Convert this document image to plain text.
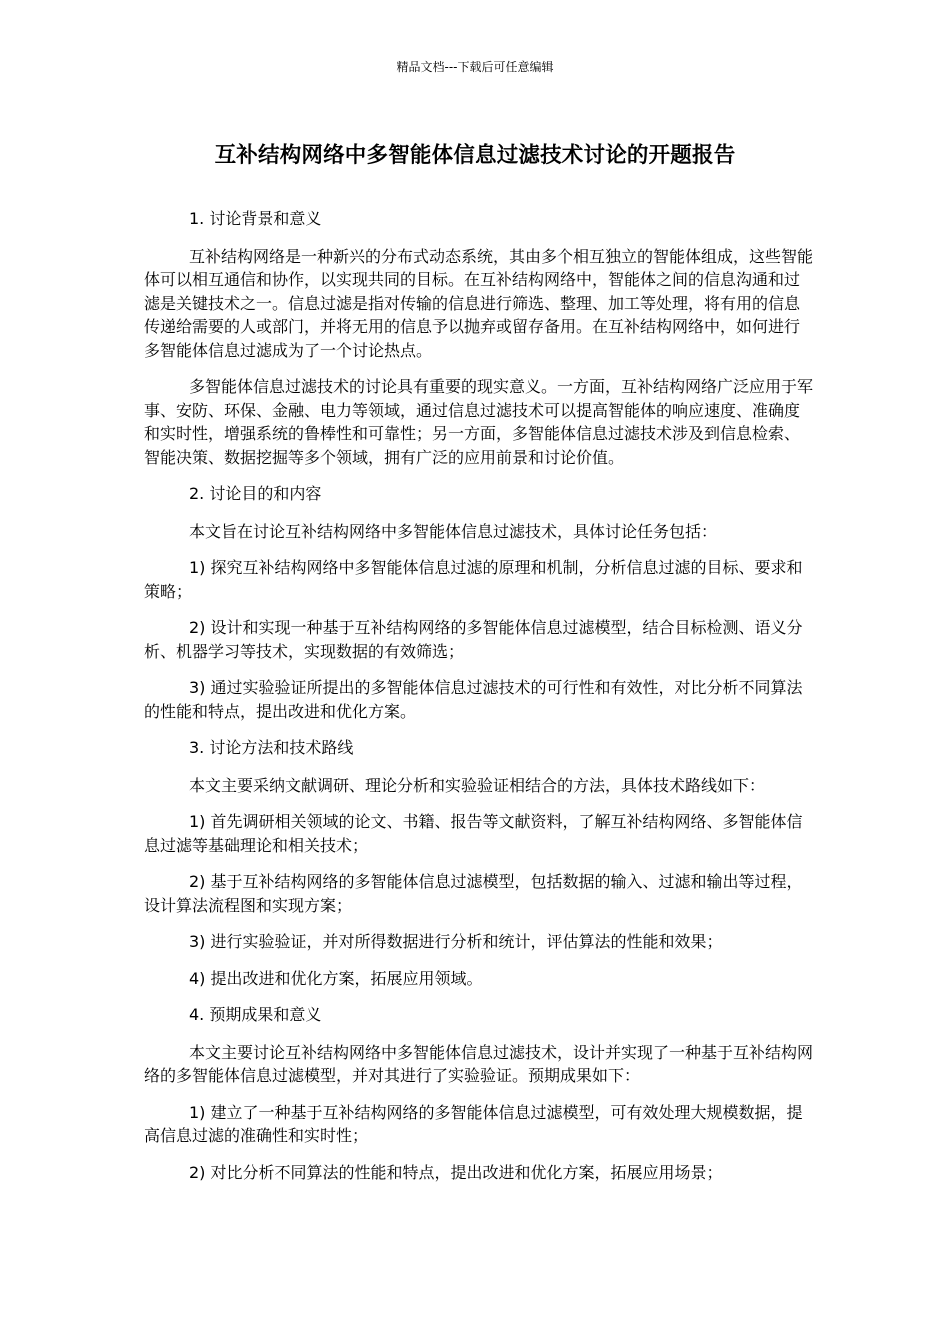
精品文档---下载后可任意编辑
互补结构网络中多智能体信息过滤技术讨论的开题报告

1. 讨论背景和意义

互补结构网络是一种新兴的分布式动态系统，其由多个相互独立的智能体组成，这些智能体可以相互通信和协作，以实现共同的目标。在互补结构网络中，智能体之间的信息沟通和过滤是关键技术之一。信息过滤是指对传输的信息进行筛选、整理、加工等处理，将有用的信息传递给需要的人或部门，并将无用的信息予以抛弃或留存备用。在互补结构网络中，如何进行多智能体信息过滤成为了一个讨论热点。

多智能体信息过滤技术的讨论具有重要的现实意义。一方面，互补结构网络广泛应用于军事、安防、环保、金融、电力等领域，通过信息过滤技术可以提高智能体的响应速度、准确度和实时性，增强系统的鲁棒性和可靠性；另一方面，多智能体信息过滤技术涉及到信息检索、智能决策、数据挖掘等多个领域，拥有广泛的应用前景和讨论价值。

2. 讨论目的和内容

本文旨在讨论互补结构网络中多智能体信息过滤技术，具体讨论任务包括：

1) 探究互补结构网络中多智能体信息过滤的原理和机制，分析信息过滤的目标、要求和策略；

2) 设计和实现一种基于互补结构网络的多智能体信息过滤模型，结合目标检测、语义分析、机器学习等技术，实现数据的有效筛选；

3) 通过实验验证所提出的多智能体信息过滤技术的可行性和有效性，对比分析不同算法的性能和特点，提出改进和优化方案。

3. 讨论方法和技术路线

本文主要采纳文献调研、理论分析和实验验证相结合的方法，具体技术路线如下：

1) 首先调研相关领域的论文、书籍、报告等文献资料，了解互补结构网络、多智能体信息过滤等基础理论和相关技术；

2) 基于互补结构网络的多智能体信息过滤模型，包括数据的输入、过滤和输出等过程，设计算法流程图和实现方案；

3) 进行实验验证，并对所得数据进行分析和统计，评估算法的性能和效果；

4) 提出改进和优化方案，拓展应用领域。

4. 预期成果和意义

本文主要讨论互补结构网络中多智能体信息过滤技术，设计并实现了一种基于互补结构网络的多智能体信息过滤模型，并对其进行了实验验证。预期成果如下：

1) 建立了一种基于互补结构网络的多智能体信息过滤模型，可有效处理大规模数据，提高信息过滤的准确性和实时性；

2) 对比分析不同算法的性能和特点，提出改进和优化方案，拓展应用场景；
